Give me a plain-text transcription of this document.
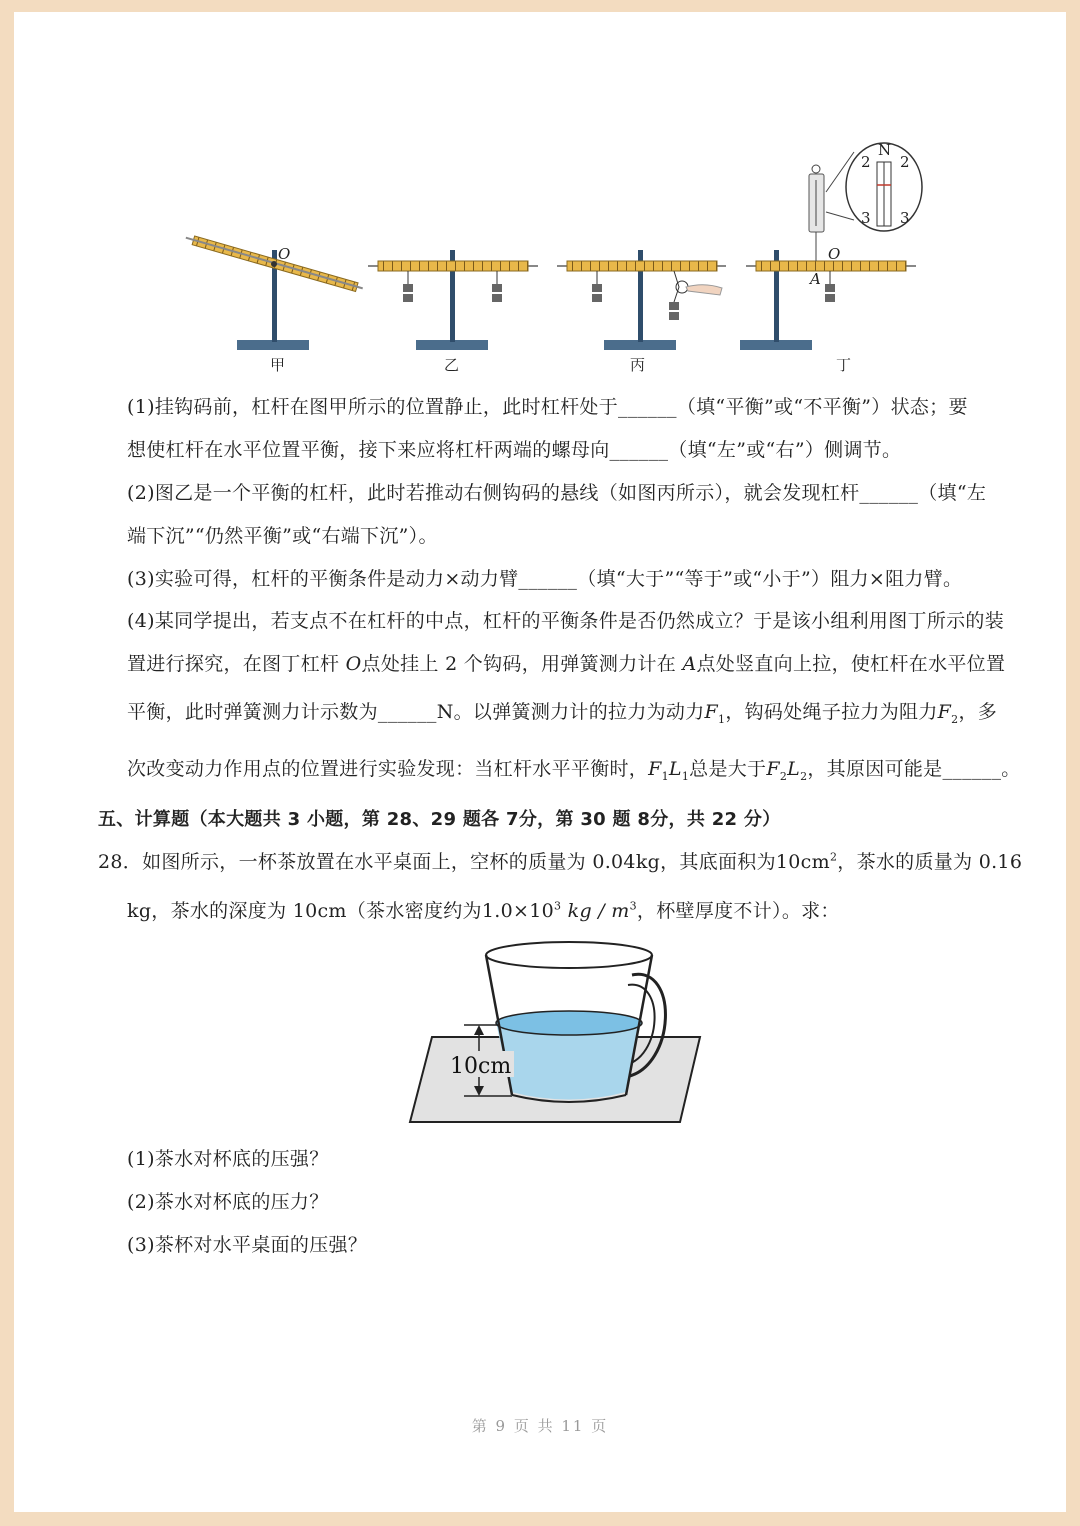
O
甲	乙	丙
O
A
N
2 2
3 3
丁
(1)挂钩码前，杠杆在图甲所示的位置静止，此时杠杆处于______（填“平衡”或“不平衡”）状态；要
想使杠杆在水平位置平衡，接下来应将杠杆两端的螺母向______（填“左”或“右”）侧调节。
(2)图乙是一个平衡的杠杆，此时若推动右侧钩码的悬线（如图丙所示），就会发现杠杆______（填“左
端下沉”“仍然平衡”或“右端下沉”）。
(3)实验可得，杠杆的平衡条件是动力×动力臂______（填“大于”“等于”或“小于”）阻力×阻力臂。
(4)某同学提出，若支点不在杠杆的中点，杠杆的平衡条件是否仍然成立？于是该小组利用图丁所示的装
置进行探究，在图丁杠杆 O点处挂上 2 个钩码，用弹簧测力计在 A点处竖直向上拉，使杠杆在水平位置
平衡，此时弹簧测力计示数为______N。以弹簧测力计的拉力为动力$F_1$，钩码处绳子拉力为阻力$F_2$，多
次改变动力作用点的位置进行实验发现：当杠杆水平平衡时，$F_1L_1$总是大于$F_2L_2$，其原因可能是______。
五、计算题（本大题共 3 小题，第 28、29 题各 7分，第 30 题 8分，共 22 分）
28．如图所示，一杯茶放置在水平桌面上，空杯的质量为 0.04kg，其底面积为$10cm^2$，茶水的质量为 0.16
kg，茶水的深度为 10cm（茶水密度约为$1.0\times 10^3$ kg / $m^3$，杯壁厚度不计）。求：
10cm
(1)茶水对杯底的压强？
(2)茶水对杯底的压力？
(3)茶杯对水平桌面的压强？
第 9 页 共 11 页
